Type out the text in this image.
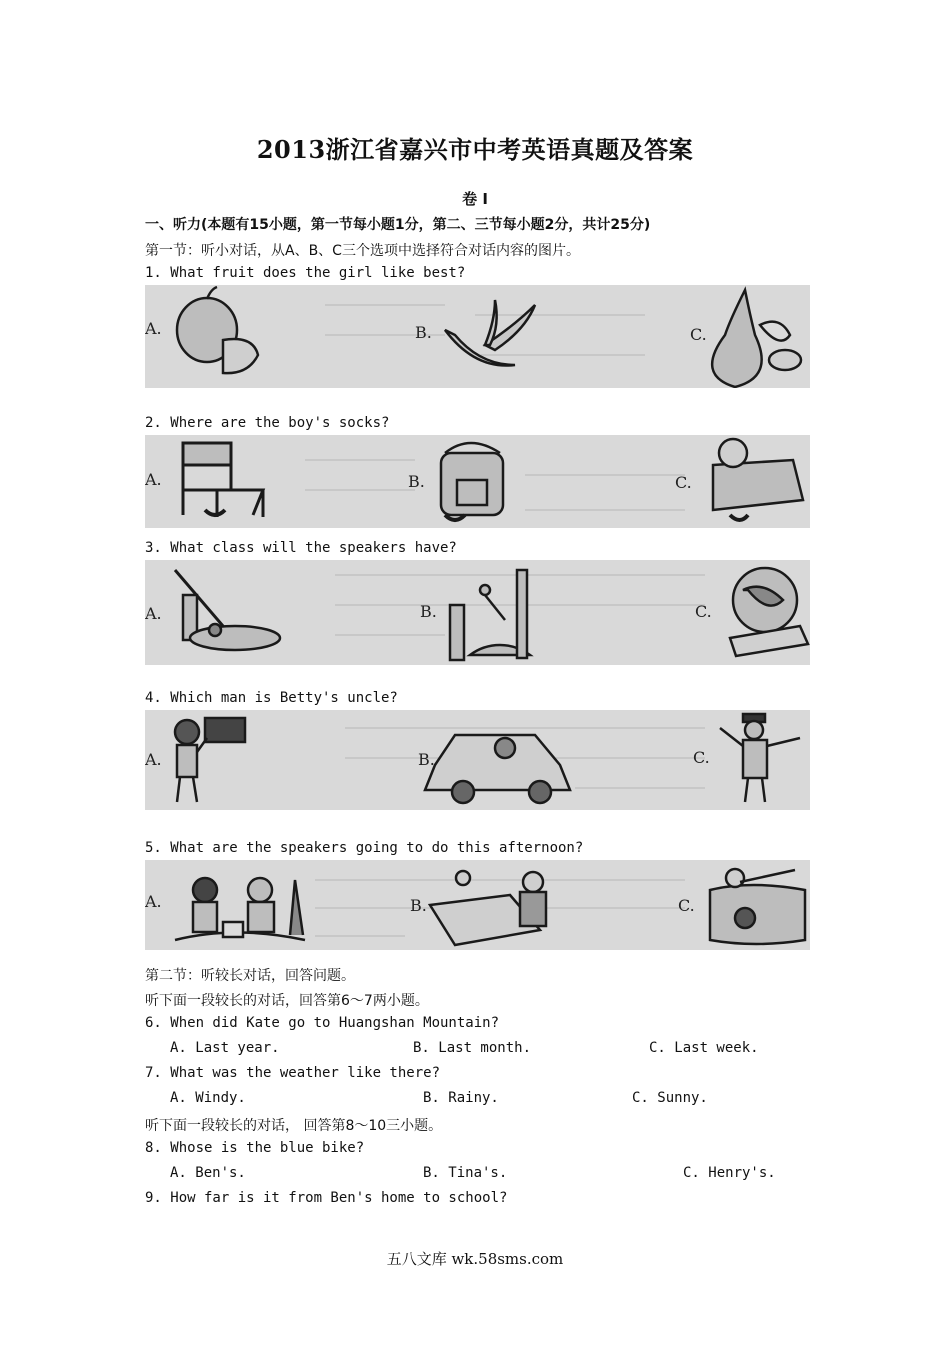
2013浙江省嘉兴市中考英语真题及答案
卷 I
一、听力(本题有15小题，第一节每小题1分，第二、三节每小题2分，共计25分)
第一节：听小对话，从A、B、C三个选项中选择符合对话内容的图片。
1. What fruit does the girl like best?
A.	B.	C.
2. Where are the boy's socks?
A.	B.	C.
3. What class will the speakers have?
A.	B.	C.
4. Which man is Betty's uncle?
A.	B.	C.
5. What are the speakers going to do this afternoon?
A.	B.	C.
第二节：听较长对话，回答问题。
听下面一段较长的对话，回答第6～7两小题。
6. When did Kate go to Huangshan Mountain?
A. Last year.	B. Last month.	C. Last week.
7. What was the weather like there?
A. Windy.	B. Rainy.	C. Sunny.
听下面一段较长的对话， 回答第8～10三小题。
8. Whose is the blue bike?
A. Ben's.	B. Tina's.	C. Henry's.
9. How far is it from Ben's home to school?
五八文库 wk.58sms.com
